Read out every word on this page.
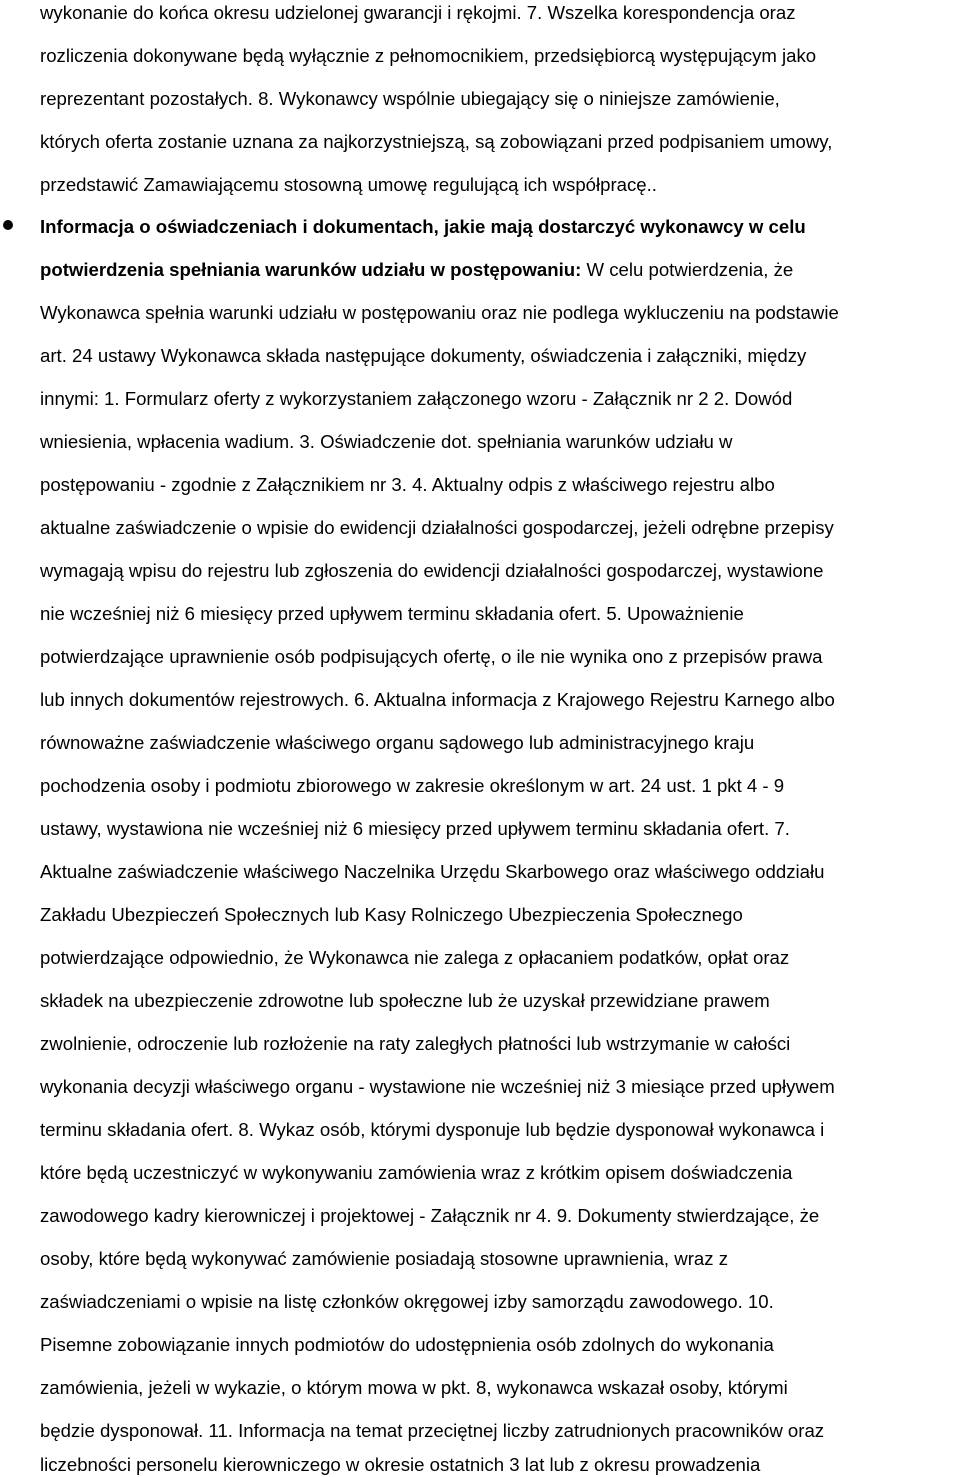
wykonanie do końca okresu udzielonej gwarancji i rękojmi. 7. Wszelka korespondencja oraz
rozliczenia dokonywane będą wyłącznie z pełnomocnikiem, przedsiębiorcą występującym jako
reprezentant pozostałych. 8. Wykonawcy wspólnie ubiegający się o niniejsze zamówienie,
których oferta zostanie uznana za najkorzystniejszą, są zobowiązani przed podpisaniem umowy,
przedstawić Zamawiającemu stosowną umowę regulującą ich współpracę..
Informacja o oświadczeniach i dokumentach, jakie mają dostarczyć wykonawcy w celu
potwierdzenia spełniania warunków udziału w postępowaniu: W celu potwierdzenia, że
Wykonawca spełnia warunki udziału w postępowaniu oraz nie podlega wykluczeniu na podstawie
art. 24 ustawy Wykonawca składa następujące dokumenty, oświadczenia i załączniki, między
innymi: 1. Formularz oferty z wykorzystaniem załączonego wzoru - Załącznik nr 2 2. Dowód
wniesienia, wpłacenia wadium. 3. Oświadczenie dot. spełniania warunków udziału w
postępowaniu - zgodnie z Załącznikiem nr 3. 4. Aktualny odpis z właściwego rejestru albo
aktualne zaświadczenie o wpisie do ewidencji działalności gospodarczej, jeżeli odrębne przepisy
wymagają wpisu do rejestru lub zgłoszenia do ewidencji działalności gospodarczej, wystawione
nie wcześniej niż 6 miesięcy przed upływem terminu składania ofert. 5. Upoważnienie
potwierdzające uprawnienie osób podpisujących ofertę, o ile nie wynika ono z przepisów prawa
lub innych dokumentów rejestrowych. 6. Aktualna informacja z Krajowego Rejestru Karnego albo
równoważne zaświadczenie właściwego organu sądowego lub administracyjnego kraju
pochodzenia osoby i podmiotu zbiorowego w zakresie określonym w art. 24 ust. 1 pkt 4 - 9
ustawy, wystawiona nie wcześniej niż 6 miesięcy przed upływem terminu składania ofert. 7.
Aktualne zaświadczenie właściwego Naczelnika Urzędu Skarbowego oraz właściwego oddziału
Zakładu Ubezpieczeń Społecznych lub Kasy Rolniczego Ubezpieczenia Społecznego
potwierdzające odpowiednio, że Wykonawca nie zalega z opłacaniem podatków, opłat oraz
składek na ubezpieczenie zdrowotne lub społeczne lub że uzyskał przewidziane prawem
zwolnienie, odroczenie lub rozłożenie na raty zaległych płatności lub wstrzymanie w całości
wykonania decyzji właściwego organu - wystawione nie wcześniej niż 3 miesiące przed upływem
terminu składania ofert. 8. Wykaz osób, którymi dysponuje lub będzie dysponował wykonawca i
które będą uczestniczyć w wykonywaniu zamówienia wraz z krótkim opisem doświadczenia
zawodowego kadry kierowniczej i projektowej - Załącznik nr 4. 9. Dokumenty stwierdzające, że
osoby, które będą wykonywać zamówienie posiadają stosowne uprawnienia, wraz z
zaświadczeniami o wpisie na listę członków okręgowej izby samorządu zawodowego. 10.
Pisemne zobowiązanie innych podmiotów do udostępnienia osób zdolnych do wykonania
zamówienia, jeżeli w wykazie, o którym mowa w pkt. 8, wykonawca wskazał osoby, którymi
będzie dysponował. 11. Informacja na temat przeciętnej liczby zatrudnionych pracowników oraz
liczebności personelu kierowniczego w okresie ostatnich 3 lat lub z okresu prowadzenia
